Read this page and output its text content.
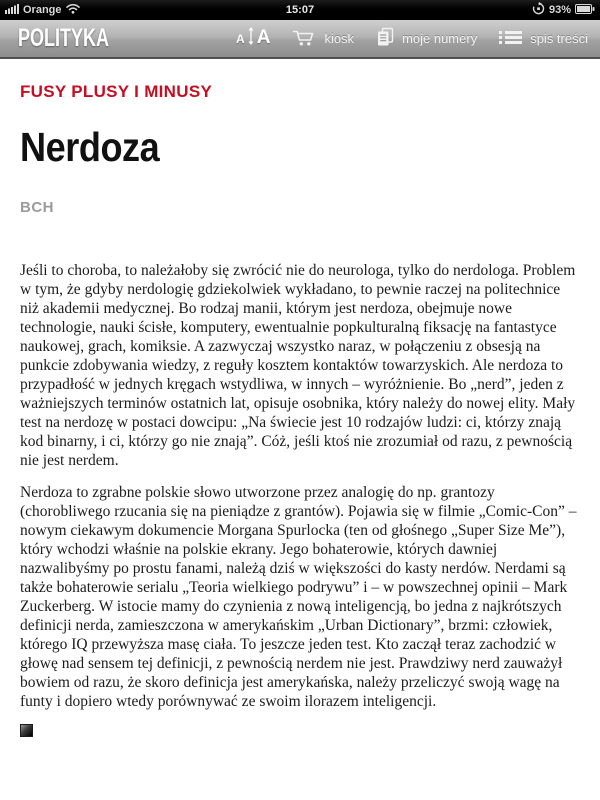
15:07
Orange	93%
POLITYKA	A A	kiosk	moje numery	spis treści
FUSY PLUSY I MINUSY
Nerdoza
BCH

Jeśli to choroba, to należałoby się zwrócić nie do neurologa, tylko do nerdologa. Problem w tym, że gdyby nerdologię gdziekolwiek wykładano, to pewnie raczej na politechnice niż akademii medycznej. Bo rodzaj manii, którym jest nerdoza, obejmuje nowe technologie, nauki ścisłe, komputery, ewentualnie popkulturalną fiksację na fantastyce naukowej, grach, komiksie. A zazwyczaj wszystko naraz, w połączeniu z obsesją na punkcie zdobywania wiedzy, z reguły kosztem kontaktów towarzyskich. Ale nerdoza to przypadłość w jednych kręgach wstydliwa, w innych – wyróżnienie. Bo „nerd”, jeden z ważniejszych terminów ostatnich lat, opisuje osobnika, który należy do nowej elity. Mały test na nerdozę w postaci dowcipu: „Na świecie jest 10 rodzajów ludzi: ci, którzy znają kod binarny, i ci, którzy go nie znają”. Cóż, jeśli ktoś nie zrozumiał od razu, z pewnością nie jest nerdem.

Nerdoza to zgrabne polskie słowo utworzone przez analogię do np. grantozy (chorobliwego rzucania się na pieniądze z grantów). Pojawia się w filmie „Comic-Con” – nowym ciekawym dokumencie Morgana Spurlocka (ten od głośnego „Super Size Me”), który wchodzi właśnie na polskie ekrany. Jego bohaterowie, których dawniej nazwalibyśmy po prostu fanami, należą dziś w większości do kasty nerdów. Nerdami są także bohaterowie serialu „Teoria wielkiego podrywu” i – w powszechnej opinii – Mark Zuckerberg. W istocie mamy do czynienia z nową inteligencją, bo jedna z najkrótszych definicji nerda, zamieszczona w amerykańskim „Urban Dictionary”, brzmi: człowiek, którego IQ przewyższa masę ciała. To jeszcze jeden test. Kto zaczął teraz zachodzić w głowę nad sensem tej definicji, z pewnością nerdem nie jest. Prawdziwy nerd zauważył bowiem od razu, że skoro definicja jest amerykańska, należy przeliczyć swoją wagę na funty i dopiero wtedy porównywać ze swoim ilorazem inteligencji.
